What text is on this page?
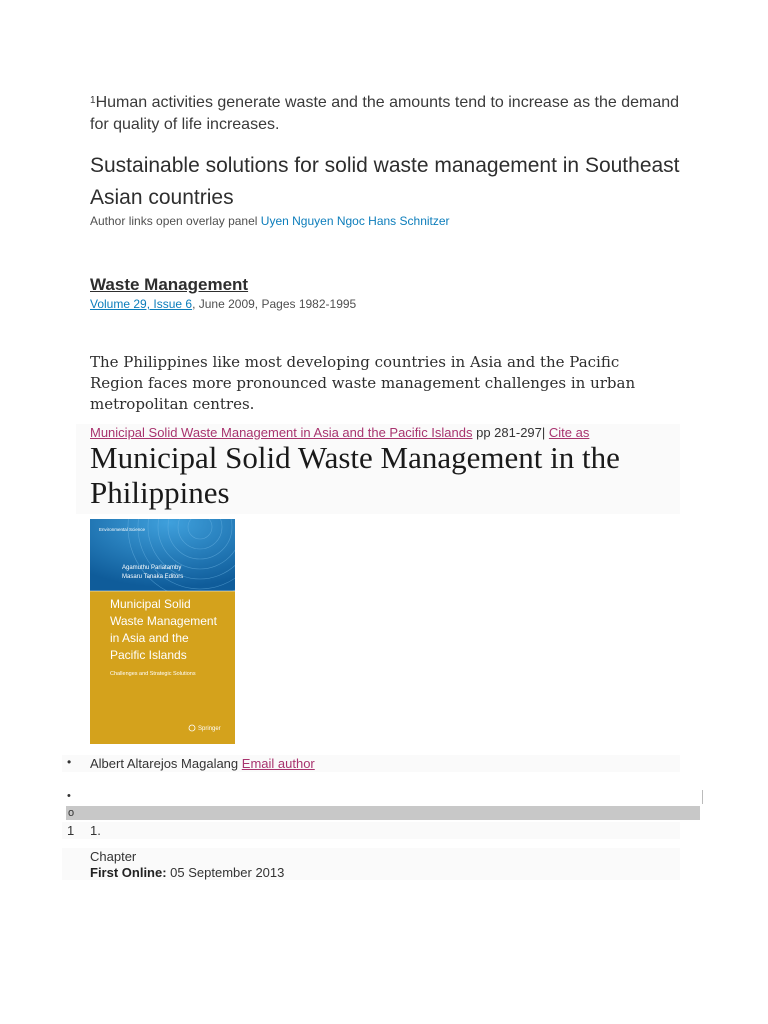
$^1$Human activities generate waste and the amounts tend to increase as the demand for quality of life increases.
Sustainable solutions for solid waste management in Southeast Asian countries
Author links open overlay panel Uyen Nguyen Ngoc Hans Schnitzer
Waste Management
Volume 29, Issue 6, June 2009, Pages 1982-1995
The Philippines like most developing countries in Asia and the Pacific Region faces more pronounced waste management challenges in urban metropolitan centres.
Municipal Solid Waste Management in Asia and the Pacific Islands pp 281-297| Cite as
Municipal Solid Waste Management in the Philippines
Environmental Science
Agamuthu Pariatamby
Masaru Tanaka Editors
Municipal Solid Waste Management in Asia and the Pacific Islands
Challenges and Strategic Solutions
Springer
• Albert Altarejos Magalang Email author
•
o
1 1.
Chapter
First Online: 05 September 2013
